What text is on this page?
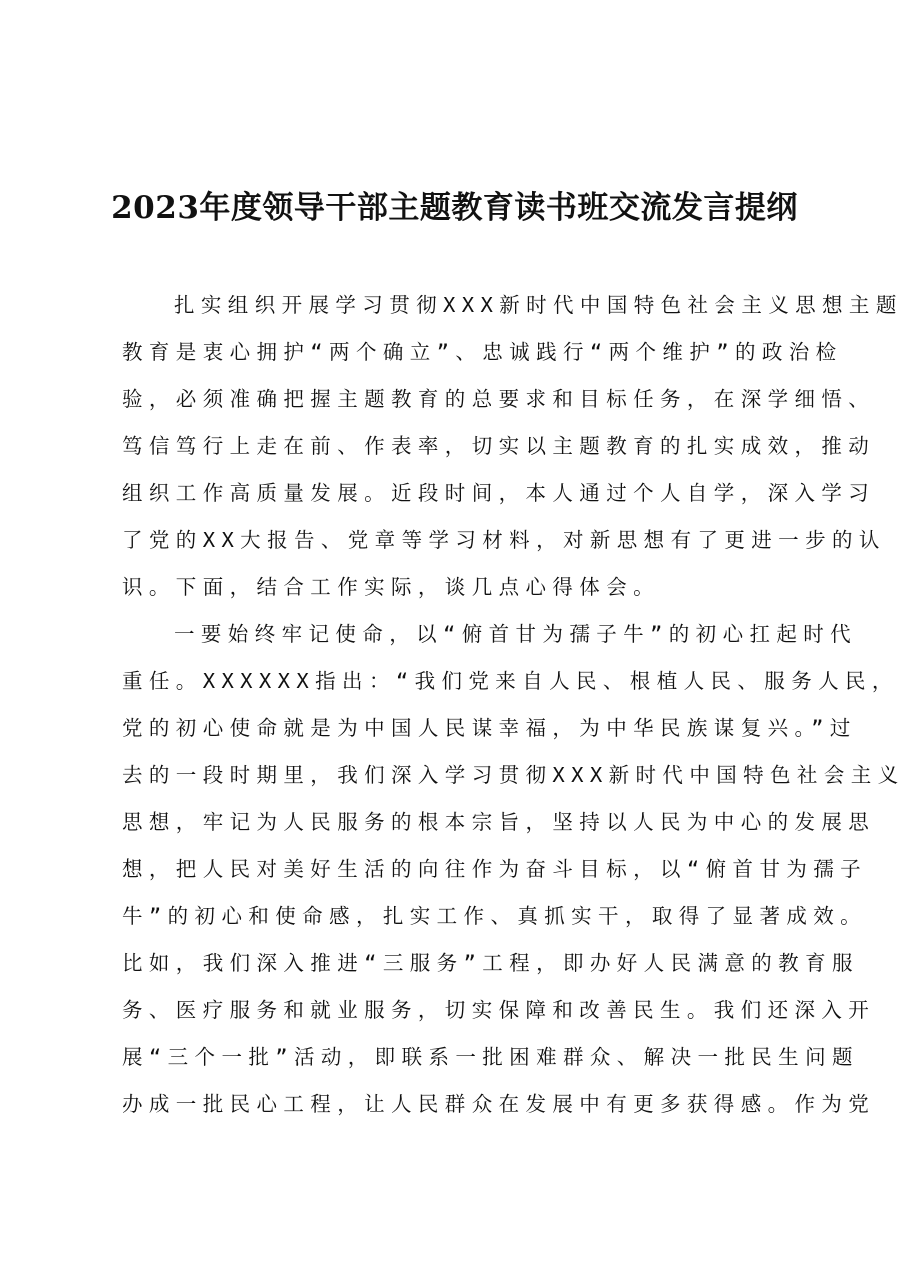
2023年度领导干部主题教育读书班交流发言提纲
扎实组织开展学习贯彻XXX新时代中国特色社会主义思想主题
教育是衷心拥护“两个确立”、忠诚践行“两个维护”的政治检
验，必须准确把握主题教育的总要求和目标任务，在深学细悟、
笃信笃行上走在前、作表率，切实以主题教育的扎实成效，推动
组织工作高质量发展。近段时间，本人通过个人自学，深入学习
了党的XX大报告、党章等学习材料，对新思想有了更进一步的认
识。下面，结合工作实际，谈几点心得体会。
一要始终牢记使命，以“俯首甘为孺子牛”的初心扛起时代
重任。XXXXXX指出：“我们党来自人民、根植人民、服务人民，
党的初心使命就是为中国人民谋幸福，为中华民族谋复兴。”过
去的一段时期里，我们深入学习贯彻XXX新时代中国特色社会主义
思想，牢记为人民服务的根本宗旨，坚持以人民为中心的发展思
想，把人民对美好生活的向往作为奋斗目标，以“俯首甘为孺子
牛”的初心和使命感，扎实工作、真抓实干，取得了显著成效。
比如，我们深入推进“三服务”工程，即办好人民满意的教育服
务、医疗服务和就业服务，切实保障和改善民生。我们还深入开
展“三个一批”活动，即联系一批困难群众、解决一批民生问题
办成一批民心工程，让人民群众在发展中有更多获得感。作为党
